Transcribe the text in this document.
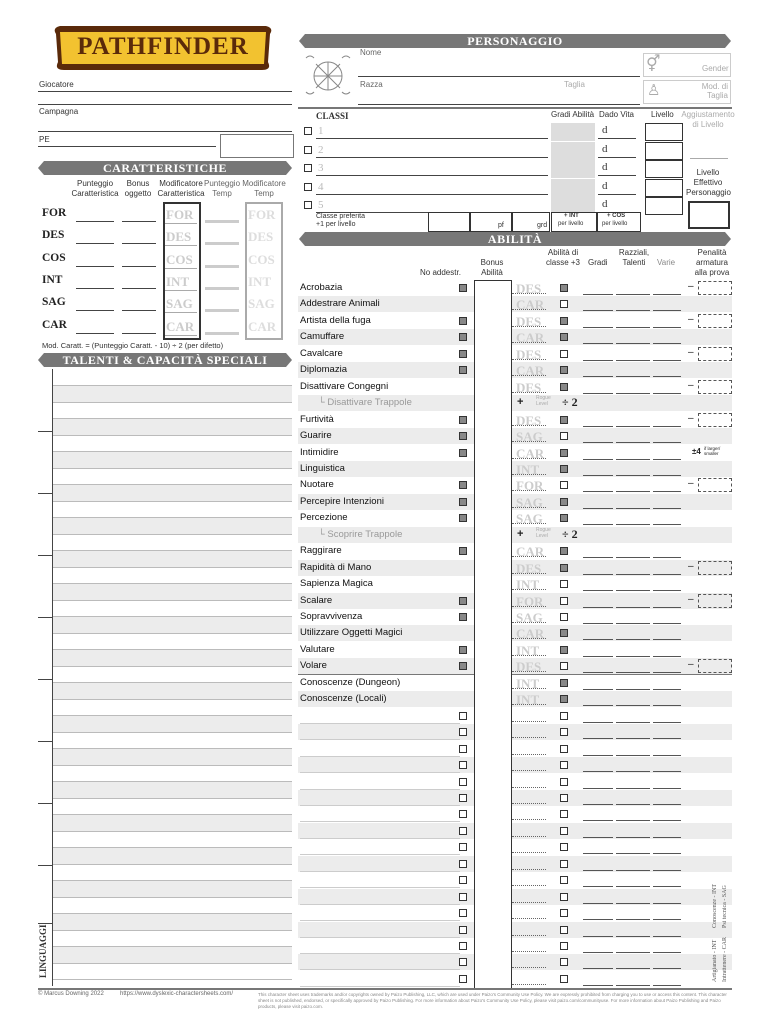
PATHFINDER
Giocatore
Campagna
PE
PERSONAGGIO
Nome
Razza	Taglia
⚥	Gender
♙	Mod. di Taglia
CLASSI	Gradi Abilità Dado Vita Livello Aggiustamento di Livello
1	d
2	d
3	d
4	d
5	d
Classe preferita
+1 per livello	pf	grd
+ INT
per livello
+ COS
per livello
Livello Effettivo Personaggio
CARATTERISTICHE
Punteggio Caratteristica
Bonus oggetto
Modificatore Caratteristica
Punteggio Temp
Modificatore Temp
FOR	FOR	FOR
DES	DES	DES
COS	COS	COS
INT	INT	INT
SAG	SAG	SAG
CAR	CAR	CAR
Mod. Caratt. = (Punteggio Caratt. - 10) ÷ 2 (per difetto)
TALENTI & CAPACITÀ SPECIALI
LINGUAGGI
ABILITÀ
No addestr.
Bonus Abilità
Abilità di classe +3 Gradi
Razziali, Talenti	Varie
Penalità armatura alla prova
Acrobazia	DES	–
Addestrare Animali	CAR
Artista della fuga	DES	–
Camuffare	CAR
Cavalcare	DES	–
Diplomazia	CAR
Disattivare Congegni	DES	–
└ Disattivare Trappole	+	Rogue Level	÷ 2
Furtività	DES	–
Guarire	SAG
Intimidire	CAR	±4 if larger/ smaller
Linguistica	INT
Nuotare	FOR	–
Percepire Intenzioni	SAG
Percezione	SAG
└ Scoprire Trappole	+	Rogue Level	÷ 2
Raggirare	CAR
Rapidità di Mano	DES	–
Sapienza Magica	INT
Scalare	FOR	–
Sopravvivenza	SAG
Utilizzare Oggetti Magici	CAR
Valutare	INT
Volare	DES	–
Conoscenze (Dungeon)	INT
Conoscenze (Locali)	INT
Conoscenze - INT Psi tecnica - SAG
Artigianato - INT Intrattenere - CAR
© Marcus Downing 2022	https://www.dyslexic-charactersheets.com/	This character sheet uses trademarks and/or copyrights owned by Paizo Publishing, LLC, which are used under Paizo's Community Use Policy. We are expressly prohibited from charging you to use or access this content. This character sheet is not published, endorsed, or specifically approved by Paizo Publishing. For more information about Paizo's Community Use Policy, please visit paizo.com/communityuse. For more information about Paizo Publishing and Paizo products, please visit paizo.com.
